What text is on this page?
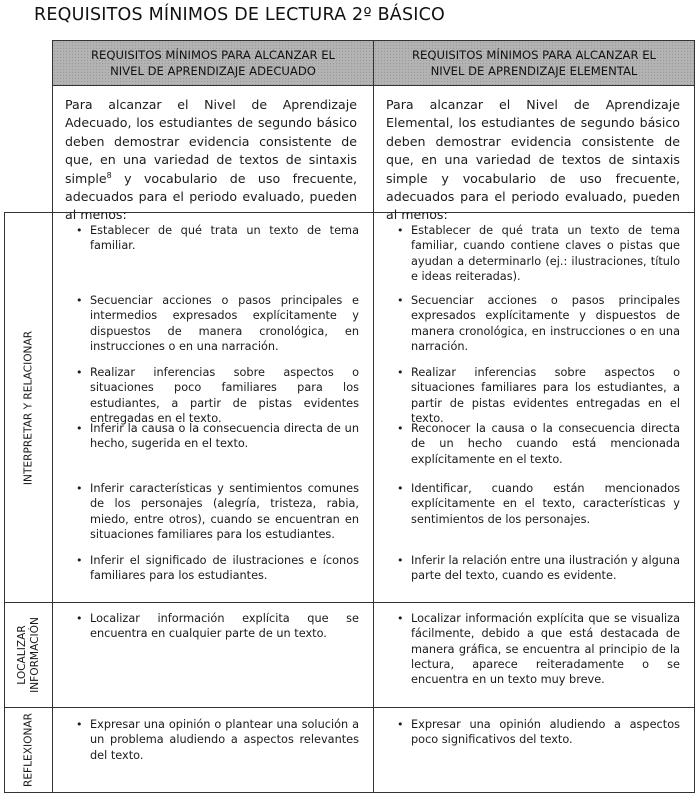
REQUISITOS MÍNIMOS DE LECTURA 2º BÁSICO
REQUISITOS MÍNIMOS PARA ALCANZAR EL
NIVEL DE APRENDIZAJE ADECUADO
REQUISITOS MÍNIMOS PARA ALCANZAR EL
NIVEL DE APRENDIZAJE ELEMENTAL
Para alcanzar el Nivel de Aprendizaje Adecuado, los estudiantes de segundo básico deben demostrar evidencia consistente de que, en una variedad de textos de sintaxis simple$^8$ y vocabulario de uso frecuente, adecuados para el periodo evaluado, pueden al menos:
Para alcanzar el Nivel de Aprendizaje Elemental, los estudiantes de segundo básico deben demostrar evidencia consistente de que, en una variedad de textos de sintaxis simple y vocabulario de uso frecuente, adecuados para el periodo evaluado, pueden al menos:
INTERPRETAR Y RELACIONAR
LOCALIZAR INFORMACIÓN
REFLEXIONAR
• Establecer de qué trata un texto de tema familiar.
• Secuenciar acciones o pasos principales e intermedios expresados explícitamente y dispuestos de manera cronológica, en instrucciones o en una narración.
• Realizar inferencias sobre aspectos o situaciones poco familiares para los estudiantes, a partir de pistas evidentes entregadas en el texto.
• Inferir la causa o la consecuencia directa de un hecho, sugerida en el texto.
• Inferir características y sentimientos comunes de los personajes (alegría, tristeza, rabia, miedo, entre otros), cuando se encuentran en situaciones familiares para los estudiantes.
• Inferir el significado de ilustraciones e íconos familiares para los estudiantes.
• Establecer de qué trata un texto de tema familiar, cuando contiene claves o pistas que ayudan a determinarlo (ej.: ilustraciones, título e ideas reiteradas).
• Secuenciar acciones o pasos principales expresados explícitamente y dispuestos de manera cronológica, en instrucciones o en una narración.
• Realizar inferencias sobre aspectos o situaciones familiares para los estudiantes, a partir de pistas evidentes entregadas en el texto.
• Reconocer la causa o la consecuencia directa de un hecho cuando está mencionada explícitamente en el texto.
• Identificar, cuando están mencionados explícitamente en el texto, características y sentimientos de los personajes.
• Inferir la relación entre una ilustración y alguna parte del texto, cuando es evidente.
• Localizar información explícita que se encuentra en cualquier parte de un texto.
• Localizar información explícita que se visualiza fácilmente, debido a que está destacada de manera gráfica, se encuentra al principio de la lectura, aparece reiteradamente o se encuentra en un texto muy breve.
• Expresar una opinión o plantear una solución a un problema aludiendo a aspectos relevantes del texto.
• Expresar una opinión aludiendo a aspectos poco significativos del texto.
